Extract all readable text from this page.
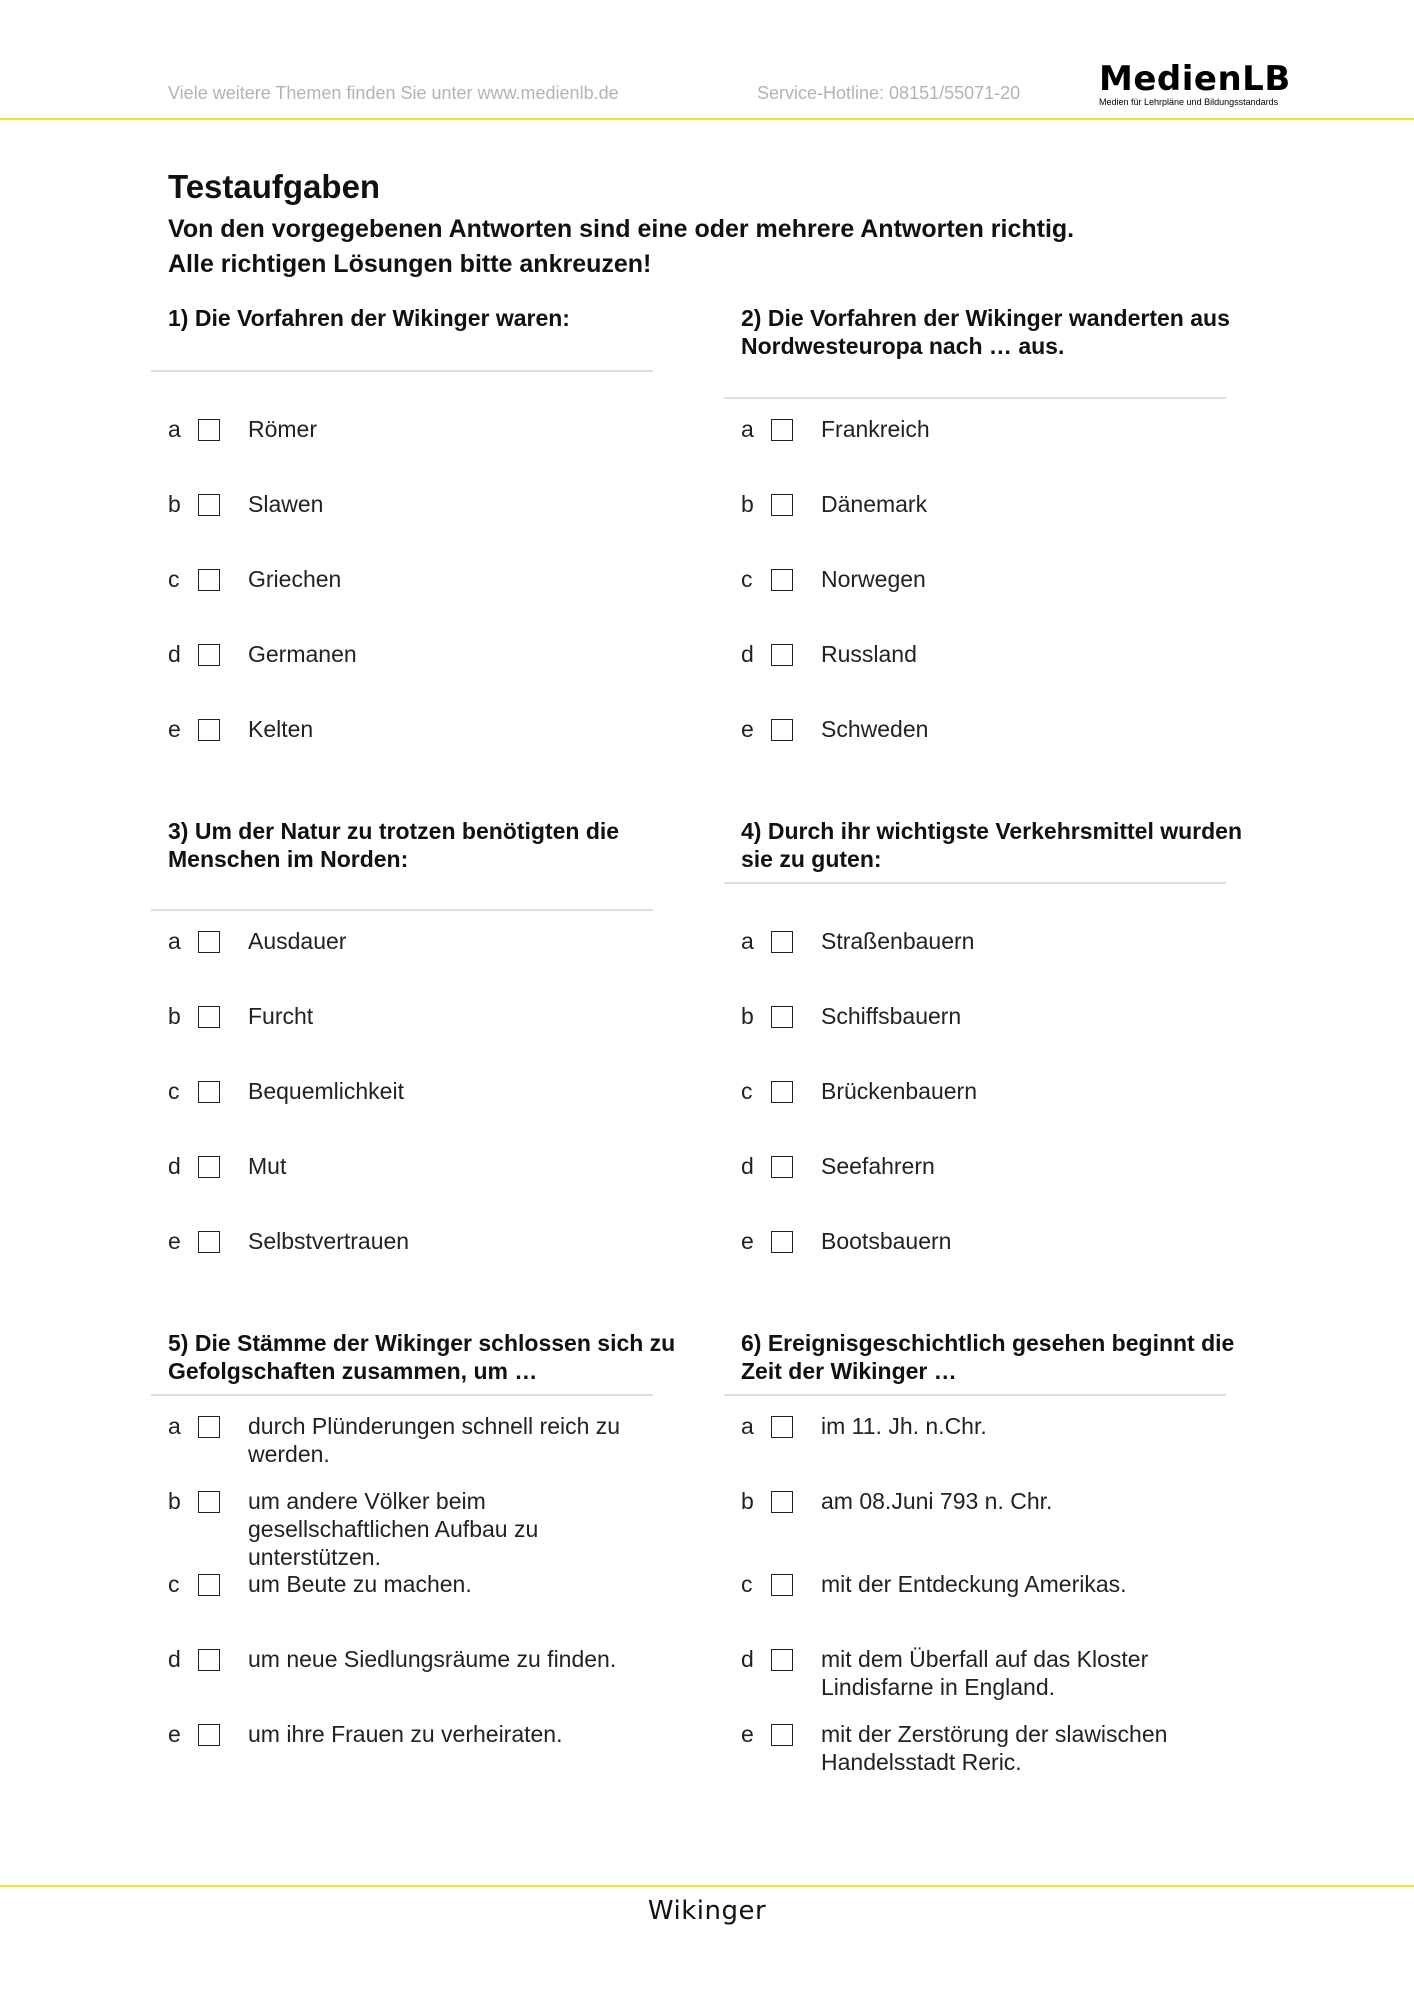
Viele weitere Themen finden Sie unter www.medienlb.de	Service-Hotline: 08151/55071-20 MedienLB
Medien für Lehrpläne und Bildungsstandards
Testaufgaben
Von den vorgegebenen Antworten sind eine oder mehrere Antworten richtig.
Alle richtigen Lösungen bitte ankreuzen!
1) Die Vorfahren der Wikinger waren:
a	Römer
b	Slawen
c	Griechen
d	Germanen
e	Kelten
2) Die Vorfahren der Wikinger wanderten aus Nordwesteuropa nach … aus.
a	Frankreich
b	Dänemark
c	Norwegen
d	Russland
e	Schweden
3) Um der Natur zu trotzen benötigten die Menschen im Norden:
a	Ausdauer
b	Furcht
c	Bequemlichkeit
d	Mut
e	Selbstvertrauen
4) Durch ihr wichtigste Verkehrsmittel wurden sie zu guten:
a	Straßenbauern
b	Schiffsbauern
c	Brückenbauern
d	Seefahrern
e	Bootsbauern
5) Die Stämme der Wikinger schlossen sich zu Gefolgschaften zusammen, um …
a	durch Plünderungen schnell reich zu werden.
b	um andere Völker beim gesellschaftlichen Aufbau zu unterstützen.
c	um Beute zu machen.
d	um neue Siedlungsräume zu finden.
e	um ihre Frauen zu verheiraten.
6) Ereignisgeschichtlich gesehen beginnt die Zeit der Wikinger …
a	im 11. Jh. n.Chr.
b	am 08.Juni 793 n. Chr.
c	mit der Entdeckung Amerikas.
d	mit dem Überfall auf das Kloster Lindisfarne in England.
e	mit der Zerstörung der slawischen Handelsstadt Reric.
Wikinger
